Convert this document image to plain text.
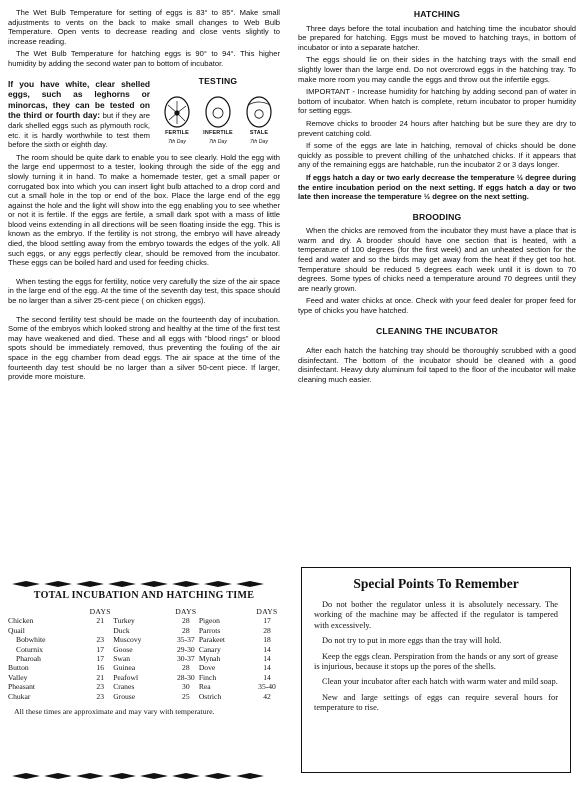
The Wet Bulb Temperature for setting of eggs is 83° to 85°. Make small adjustments to vents on the back to make small changes to Web Bulb Temperature. Open vents to decrease reading and close vents slightly to increase reading.

The Wet Bulb Temperature for hatching eggs is 90° to 94°. This higher humidity by adding the second water pan to bottom of incubator.

TESTING
FERTILE
7th Day
INFERTILE
7th Day
STALE
7th Day

If you have white, clear shelled eggs, such as leghorns or minorcas, they can be tested on the third or fourth day: but if they are dark shelled eggs such as plymouth rock, etc. it is hardly worthwhile to test them before the sixth or eighth day.

The room should be quite dark to enable you to see clearly. Hold the egg with the large end uppermost to a tester, looking through the side of the egg and slowly turning it in hand. To make a homemade tester, get a small paper or corrugated box into which you can insert light bulb attached to a drop cord and cut a small hole in the top or end of the box. Place the large end of the egg against the hole and the light will show into the egg enabling you to see whether or not it is fertile. If the eggs are fertile, a small dark spot with a mass of little blood veins extending in all directions will be seen floating inside the egg. This is known as the embryo. If the fertility is not strong, the embryo will have already died, the blood settling away from the embryo towards the edges of the yolk. All such eggs, or any eggs perfectly clear, should be removed from the incubator. These eggs can be boiled hard and used for feeding chicks.

When testing the eggs for fertility, notice very carefully the size of the air space in the large end of the egg. At the time of the seventh day test, this space should be no larger than a silver 25-cent piece ( on chicken eggs).

The second fertility test should be made on the fourteenth day of incubation. Some of the embryos which looked strong and healthy at the time of the first test may have weakened and died. These and all eggs with "blood rings" or blood spots should be immediately removed, thus preventing the fouling of the air space in the egg chamber from dead eggs. The air space at the time of the fourteenth day test should be no larger than a silver 50-cent piece. If larger, provide more moisture.

TOTAL INCUBATION AND HATCHING TIME
	DAYS		DAYS		DAYS
Chicken	21	Turkey	28	Pigeon	17
Quail		Duck	28	Parrots	28
Bobwhite	23	Muscovy	35-37	Parakeet	18
Coturnix	17	Goose	29-30	Canary	14
Pharoah	17	Swan	30-37	Mynah	14
Button	16	Guinea	28	Dove	14
Valley	21	Peafowl	28-30	Finch	14
Pheasant	23	Cranes	30	Rea	35-40
Chukar	23	Grouse	25	Ostrich	42
All these times are approximate and may vary with temperature.
HATCHING

Three days before the total incubation and hatching time the incubator should be prepared for hatching. Eggs must be moved to hatching trays, in bottom of incubator or into a separate hatcher.

The eggs should lie on their sides in the hatching trays with the small end slightly lower than the large end. Do not overcrowd eggs in the hatching tray. To make more room you may candle the eggs and throw out the infertile eggs.

IMPORTANT - Increase humidity for hatching by adding second pan of water in bottom of incubator. When hatch is complete, return incubator to proper humidity for setting eggs.

Remove chicks to brooder 24 hours after hatching but be sure they are dry to prevent catching cold.

If some of the eggs are late in hatching, removal of chicks should be done quickly as possible to prevent chilling of the unhatched chicks. If it appears that any of the remaining eggs are hatchable, run the incubator 2 or 3 days longer.

If eggs hatch a day or two early decrease the temperature ½ degree during the entire incubation period on the next setting. If eggs hatch a day or two late then increase the temperature ½ degree on the next setting.

BROODING

When the chicks are removed from the incubator they must have a place that is warm and dry. A brooder should have one section that is heated, with a temperature of 100 degrees (for the first week) and an unheated section for the feed and water and so the birds may get away from the heat if they get too hot. Temperature should be reduced 5 degrees each week until it is down to 70 degrees. Some types of chicks need a temperature around 70 degrees until they are nearly grown.

Feed and water chicks at once. Check with your feed dealer for proper feed for type of chicks you have hatched.

CLEANING THE INCUBATOR

After each hatch the hatching tray should be thoroughly scrubbed with a good disinfectant. The bottom of the incubator should be cleaned with a good disinfectant. Heavy duty aluminum foil taped to the floor of the incubator will make cleaning much easier.

Special Points To Remember

Do not bother the regulator unless it is absolutely necessary. The working of the machine may be affected if the regulator is tampered with excessively.

Do not try to put in more eggs than the tray will hold.

Keep the eggs clean. Perspiration from the hands or any sort of grease is injurious, because it stops up the pores of the shells.

Clean your incubator after each hatch with warm water and mild soap.

New and large settings of eggs can require several hours for temperature to rise.
